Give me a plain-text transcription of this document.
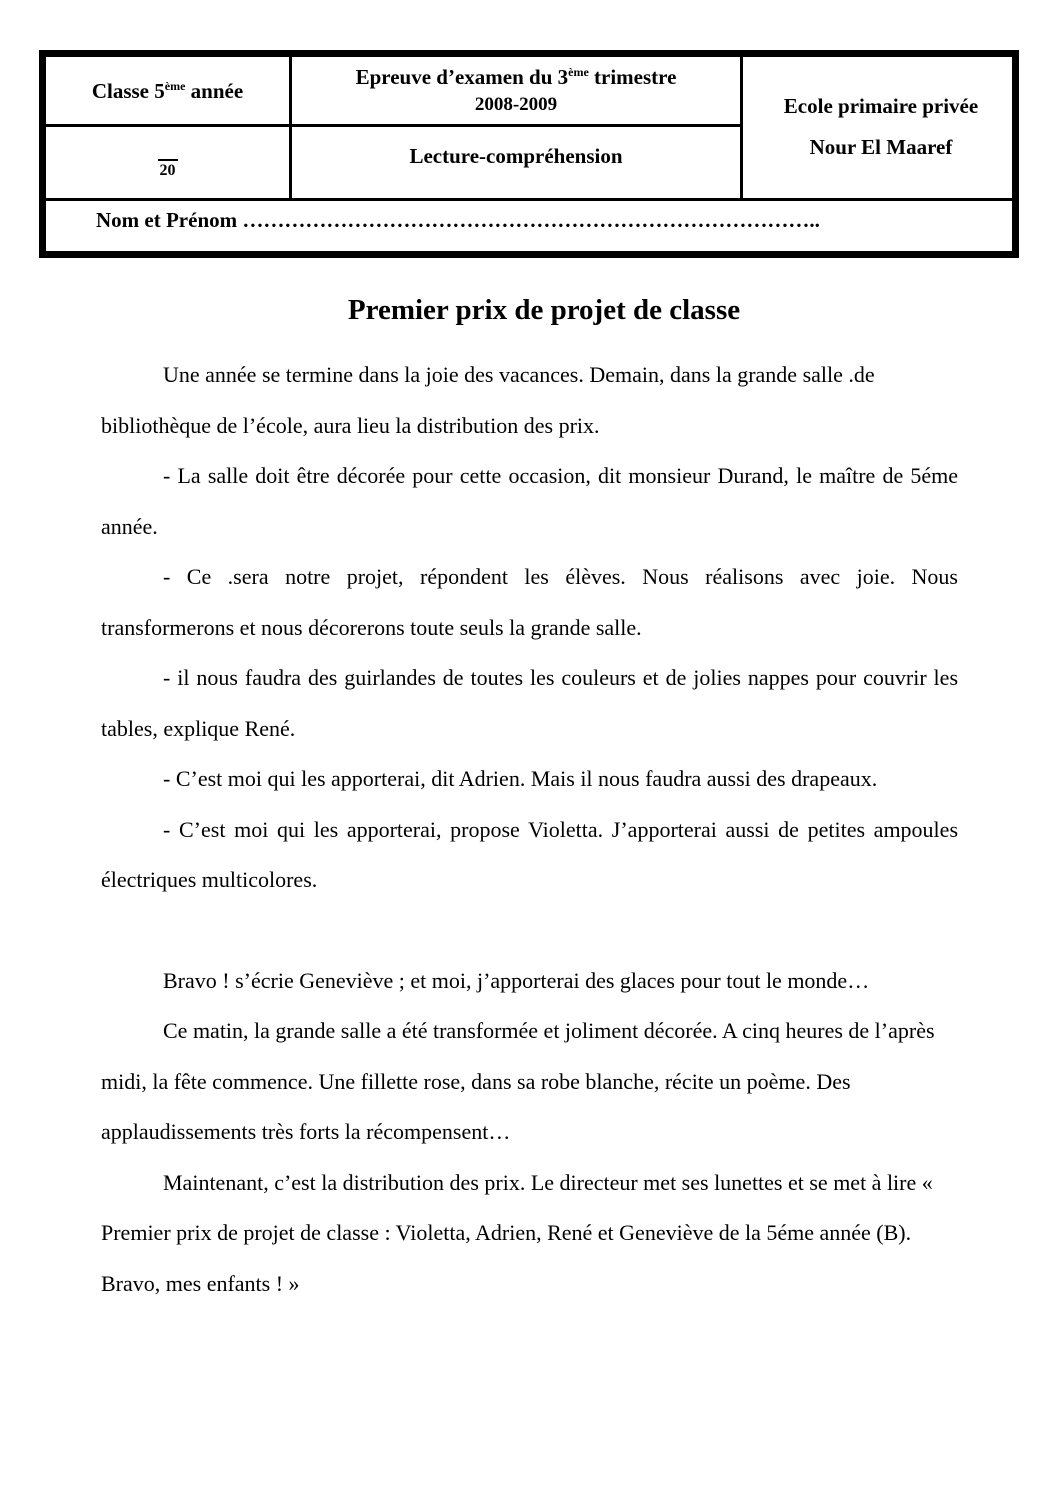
Classe 5ème année
Epreuve d’examen du 3ème trimestre
2008-2009	Ecole primaire privée
Nour El Maaref
20
Lecture-compréhension
Nom et Prénom ………………………………………………………………………..
Premier prix de projet de classe

Une année se termine dans la joie des vacances. Demain, dans la grande salle .de bibliothèque de l’école, aura lieu la distribution des prix.

- La salle doit être décorée pour cette occasion, dit monsieur Durand, le maître de 5éme année.

- Ce .sera notre projet, répondent les élèves. Nous réalisons avec joie. Nous transformerons et nous décorerons toute seuls la grande salle.

- il nous faudra des guirlandes de toutes les couleurs et de jolies nappes pour couvrir les tables, explique René.

- C’est moi qui les apporterai, dit Adrien. Mais il nous faudra aussi des drapeaux.

- C’est moi qui les apporterai, propose Violetta. J’apporterai aussi de petites ampoules électriques multicolores.

Bravo ! s’écrie Geneviève ; et moi, j’apporterai des glaces pour tout le monde…

Ce matin, la grande salle a été transformée et joliment décorée. A cinq heures de l’après midi, la fête commence. Une fillette rose, dans sa robe blanche, récite un poème. Des applaudissements très forts la récompensent…

Maintenant, c’est la distribution des prix. Le directeur met ses lunettes et se met à lire « Premier prix de projet de classe : Violetta, Adrien, René et Geneviève de la 5éme année (B). Bravo, mes enfants ! »
